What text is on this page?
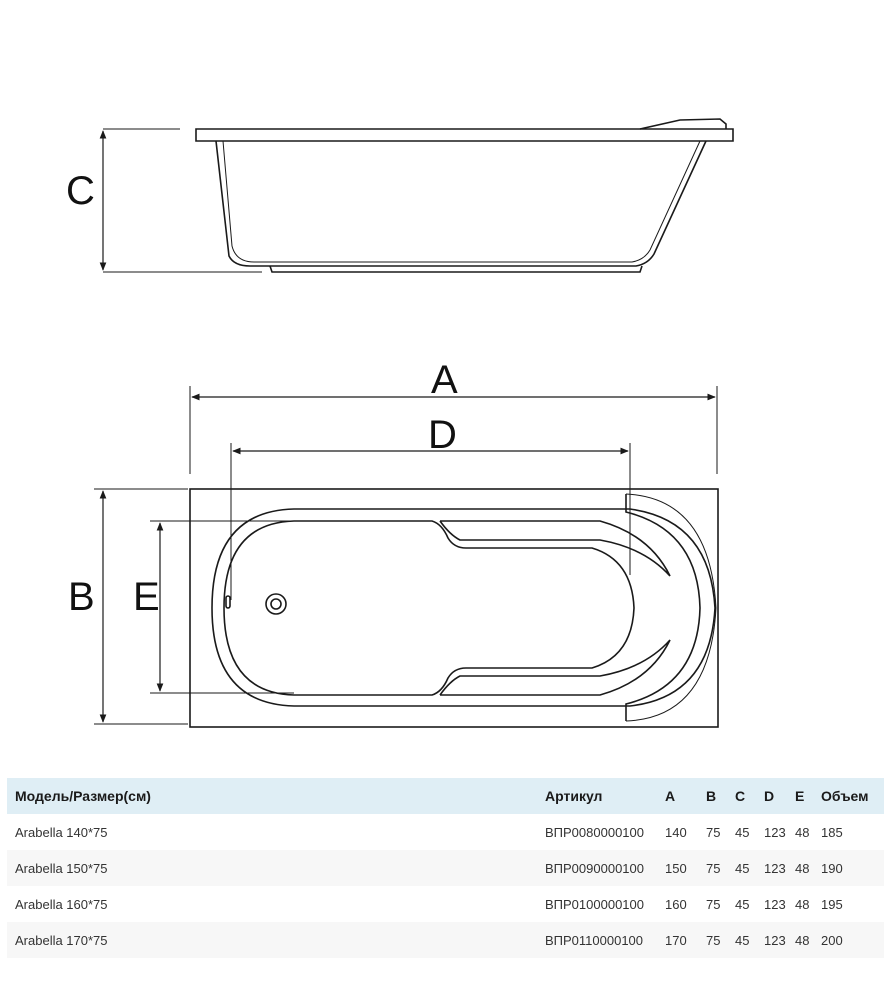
C
A
D
B E
Модель/Размер(см)	Артикул	A	B	C	D	E	Объем
Arabella 140*75	ВПР0080000100	140	75	45	123	48	185
Arabella 150*75	ВПР0090000100	150	75	45	123	48	190
Arabella 160*75	ВПР0100000100	160	75	45	123	48	195
Arabella 170*75	ВПР0110000100	170	75	45	123	48	200
